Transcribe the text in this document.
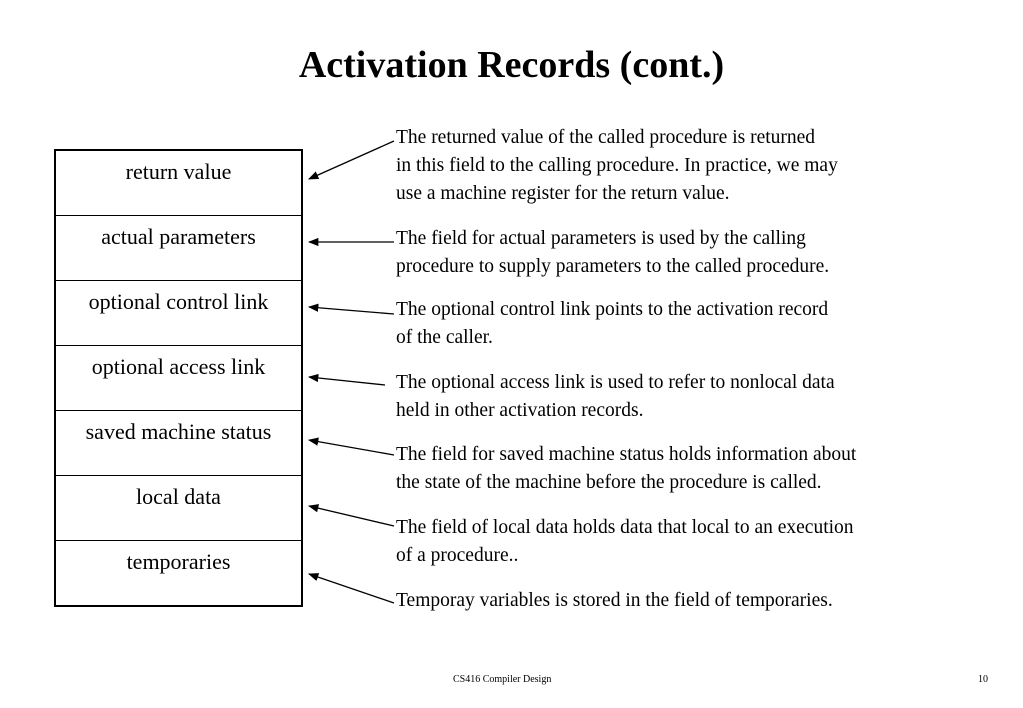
Activation Records (cont.)
return value
actual parameters
optional control link
optional access link
saved machine status
local data
temporaries
The returned value of the called procedure is returned
in this field to the calling procedure. In practice, we may
use a machine register for the return value.
The field for actual parameters is used by the calling
procedure to supply parameters to the called procedure.
The optional control link points to the activation record
of the caller.
The optional access link is used to refer to nonlocal data
held in other activation records.
The field for saved machine status holds information about
the state of the machine before the procedure is called.
The field of local data holds data that local to an execution
of a procedure..
Temporay variables is stored in the field of temporaries.
CS416 Compiler Design	10
